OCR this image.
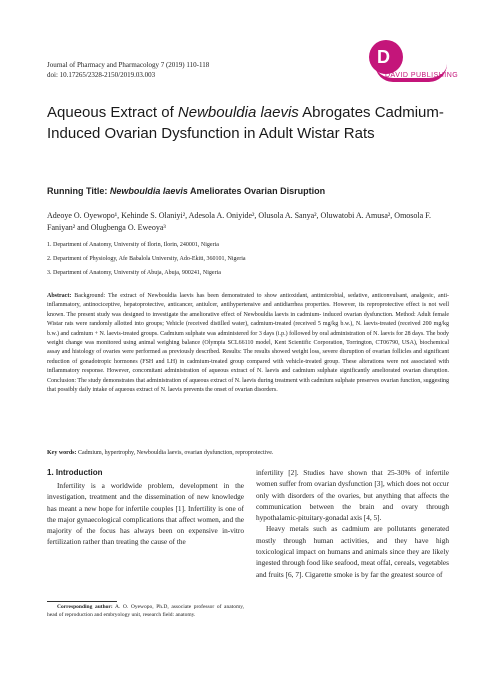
Journal of Pharmacy and Pharmacology 7 (2019) 110-118
doi: 10.17265/2328-2150/2019.03.003
D
DAVID PUBLISHING
Aqueous Extract of Newbouldia laevis Abrogates Cadmium-Induced Ovarian Dysfunction in Adult Wistar Rats
Running Title: Newbouldia laevis Ameliorates Ovarian Disruption
Adeoye O. Oyewopo¹, Kehinde S. Olaniyi², Adesola A. Oniyide², Olusola A. Sanya², Oluwatobi A. Amusa², Omosola F. Faniyan² and Olugbenga O. Eweoya³
1. Department of Anatomy, University of Ilorin, Ilorin, 240001, Nigeria
2. Department of Physiology, Afe Babalola University, Ado-Ekiti, 360101, Nigeria
3. Department of Anatomy, University of Abuja, Abuja, 900241, Nigeria
Abstract: Background: The extract of Newbouldia laevis has been demonstrated to show antioxidant, antimicrobial, sedative, anticonvulsant, analgesic, anti-inflammatory, antinociceptive, hepatoprotective, anticancer, antiulcer, antihypertensive and antidiarrhea properties. However, its reproprotective effect is not well known. The present study was designed to investigate the ameliorative effect of Newbouldia laevis in cadmium- induced ovarian dysfunction. Method: Adult female Wistar rats were randomly allotted into groups; Vehicle (received distilled water), cadmium-treated (received 5 mg/kg b.w.), N. laevis-treated (received 200 mg/kg b.w.) and cadmium + N. laevis-treated groups. Cadmium sulphate was administered for 3 days (i.p.) followed by oral administration of N. laevis for 28 days. The body weight change was monitored using animal weighing balance (Olympia SCL66110 model, Kent Scientific Corporation, Torrington, CT06790, USA), biochemical assay and histology of ovaries were performed as previously described. Results: The results showed weight loss, severe disruption of ovarian follicles and significant reduction of gonadotropic hormones (FSH and LH) in cadmium-treated group compared with vehicle-treated group. These alterations were not associated with inflammatory response. However, concomitant administration of aqueous extract of N. laevis and cadmium sulphate significantly ameliorated ovarian disruption. Conclusion: The study demonstrates that administration of aqueous extract of N. laevis during treatment with cadmium sulphate preserves ovarian function, suggesting that possibly daily intake of aqueous extract of N. laevis prevents the onset of ovarian disorders.
Key words: Cadmium, hypertrophy, Newbouldia laevis, ovarian dysfunction, reproprotective.
1. Introduction
Infertility is a worldwide problem, development in the investigation, treatment and the dissemination of new knowledge has meant a new hope for infertile couples [1]. Infertility is one of the major gynaecological complications that affect women, and the majority of the focus has always been on expensive in-vitro fertilization rather than treating the cause of the

infertility [2]. Studies have shown that 25-30% of infertile women suffer from ovarian dysfunction [3], which does not occur only with disorders of the ovaries, but anything that affects the communication between the brain and ovary through hypothalamic-pituitary-gonadal axis [4, 5].

Heavy metals such as cadmium are pollutants generated mostly through human activities, and they have high toxicological impact on humans and animals since they are likely ingested through food like seafood, meat offal, cereals, vegetables and fruits [6, 7]. Cigarette smoke is by far the greatest source of

Corresponding author: A. O. Oyewopo, Ph.D, associate professor of anatomy, head of reproduction and embryology unit, research field: anatomy.
